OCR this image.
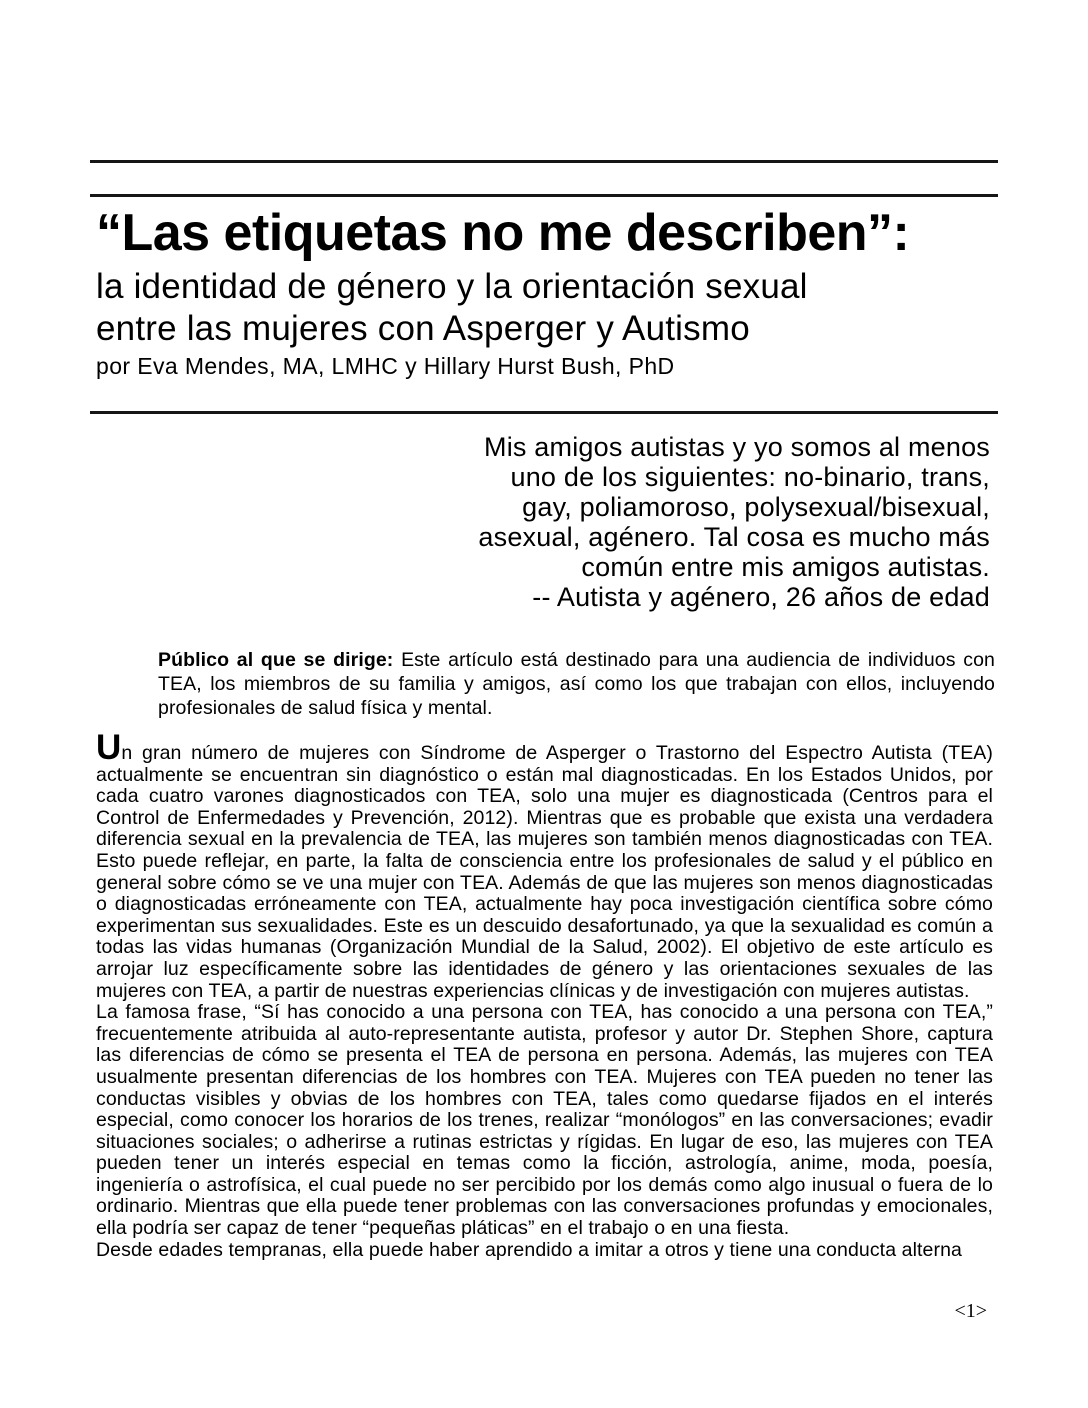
“Las etiquetas no me describen”:
la identidad de género y la orientación sexual
entre las mujeres con Asperger y Autismo
por Eva Mendes, MA, LMHC y Hillary Hurst Bush, PhD
Mis amigos autistas y yo somos al menos
uno de los siguientes: no-binario, trans,
gay, poliamoroso, polysexual/bisexual,
asexual, agénero. Tal cosa es mucho más
común entre mis amigos autistas.
-- Autista y agénero, 26 años de edad
Público al que se dirige: Este artículo está destinado para una audiencia de individuos con TEA, los miembros de su familia y amigos, así como los que trabajan con ellos, incluyendo profesionales de salud física y mental.

Un gran número de mujeres con Síndrome de Asperger o Trastorno del Espectro Autista (TEA) actualmente se encuentran sin diagnóstico o están mal diagnosticadas. En los Estados Unidos, por cada cuatro varones diagnosticados con TEA, solo una mujer es diagnosticada (Centros para el Control de Enfermedades y Prevención, 2012). Mientras que es probable que exista una verdadera diferencia sexual en la prevalencia de TEA, las mujeres son también menos diagnosticadas con TEA. Esto puede reflejar, en parte, la falta de consciencia entre los profesionales de salud y el público en general sobre cómo se ve una mujer con TEA. Además de que las mujeres son menos diagnosticadas o diagnosticadas erróneamente con TEA, actualmente hay poca investigación científica sobre cómo experimentan sus sexualidades. Este es un descuido desafortunado, ya que la sexualidad es común a todas las vidas humanas (Organización Mundial de la Salud, 2002). El objetivo de este artículo es arrojar luz específicamente sobre las identidades de género y las orientaciones sexuales de las mujeres con TEA, a partir de nuestras experiencias clínicas y de investigación con mujeres autistas.

La famosa frase, “Sí has conocido a una persona con TEA, has conocido a una persona con TEA,” frecuentemente atribuida al auto-representante autista, profesor y autor Dr. Stephen Shore, captura las diferencias de cómo se presenta el TEA de persona en persona. Además, las mujeres con TEA usualmente presentan diferencias de los hombres con TEA. Mujeres con TEA pueden no tener las conductas visibles y obvias de los hombres con TEA, tales como quedarse fijados en el interés especial, como conocer los horarios de los trenes, realizar “monólogos” en las conversaciones; evadir situaciones sociales; o adherirse a rutinas estrictas y rígidas. En lugar de eso, las mujeres con TEA pueden tener un interés especial en temas como la ficción, astrología, anime, moda, poesía, ingeniería o astrofísica, el cual puede no ser percibido por los demás como algo inusual o fuera de lo ordinario. Mientras que ella puede tener problemas con las conversaciones profundas y emocionales, ella podría ser capaz de tener “pequeñas pláticas” en el trabajo o en una fiesta.

Desde edades tempranas, ella puede haber aprendido a imitar a otros y tiene una conducta alterna

<1>
